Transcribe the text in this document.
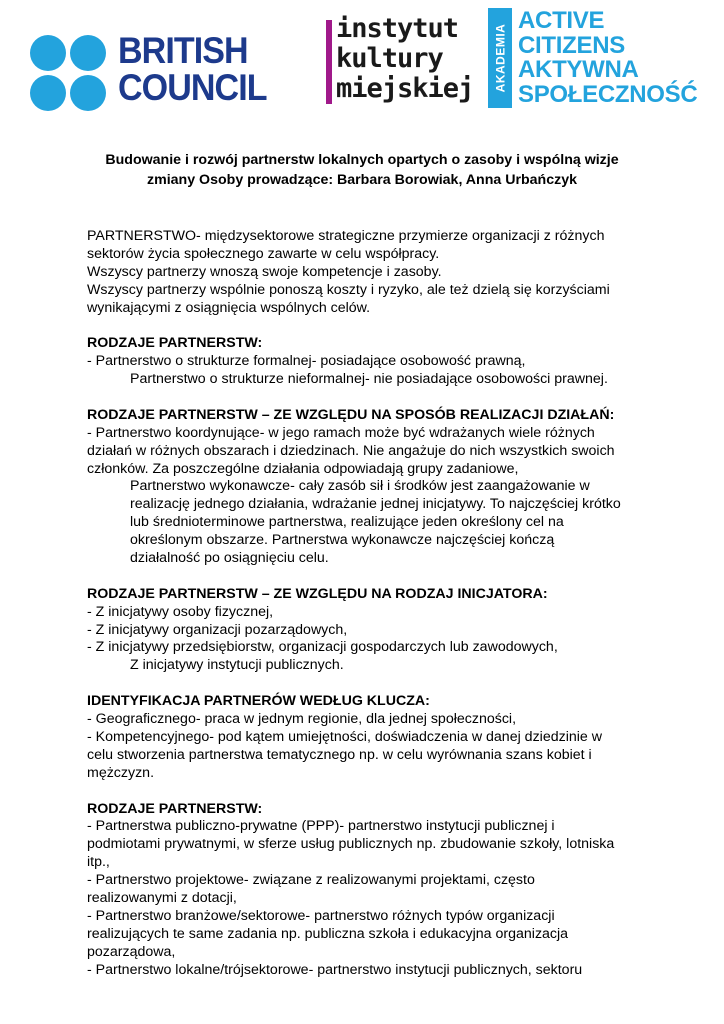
BRITISH
COUNCIL
instytut
kultury
miejskiej AKADEMIA
ACTIVE
CITIZENS
AKTYWNA
SPOŁECZNOŚĆ
Budowanie i rozwój partnerstw lokalnych opartych o zasoby i wspólną wizje
zmiany Osoby prowadzące: Barbara Borowiak, Anna Urbańczyk
PARTNERSTWO- międzysektorowe strategiczne przymierze organizacji z różnych
sektorów życia społecznego zawarte w celu współpracy.
Wszyscy partnerzy wnoszą swoje kompetencje i zasoby.
Wszyscy partnerzy wspólnie ponoszą koszty i ryzyko, ale też dzielą się korzyściami
wynikającymi z osiągnięcia wspólnych celów.
RODZAJE PARTNERSTW:
- Partnerstwo o strukturze formalnej- posiadające osobowość prawną,
Partnerstwo o strukturze nieformalnej- nie posiadające osobowości prawnej.
RODZAJE PARTNERSTW – ZE WZGLĘDU NA SPOSÓB REALIZACJI DZIAŁAŃ:
- Partnerstwo koordynujące- w jego ramach może być wdrażanych wiele różnych
działań w różnych obszarach i dziedzinach. Nie angażuje do nich wszystkich swoich
członków. Za poszczególne działania odpowiadają grupy zadaniowe,
Partnerstwo wykonawcze- cały zasób sił i środków jest zaangażowanie w
realizację jednego działania, wdrażanie jednej inicjatywy. To najczęściej krótko
lub średnioterminowe partnerstwa, realizujące jeden określony cel na
określonym obszarze. Partnerstwa wykonawcze najczęściej kończą
działalność po osiągnięciu celu.
RODZAJE PARTNERSTW – ZE WZGLĘDU NA RODZAJ INICJATORA:
- Z inicjatywy osoby fizycznej,
- Z inicjatywy organizacji pozarządowych,
- Z inicjatywy przedsiębiorstw, organizacji gospodarczych lub zawodowych,
Z inicjatywy instytucji publicznych.
IDENTYFIKACJA PARTNERÓW WEDŁUG KLUCZA:
- Geograficznego- praca w jednym regionie, dla jednej społeczności,
- Kompetencyjnego- pod kątem umiejętności, doświadczenia w danej dziedzinie w
celu stworzenia partnerstwa tematycznego np. w celu wyrównania szans kobiet i
mężczyzn.
RODZAJE PARTNERSTW:
- Partnerstwa publiczno-prywatne (PPP)- partnerstwo instytucji publicznej i
podmiotami prywatnymi, w sferze usług publicznych np. zbudowanie szkoły, lotniska
itp.,
- Partnerstwo projektowe- związane z realizowanymi projektami, często
realizowanymi z dotacji,
- Partnerstwo branżowe/sektorowe- partnerstwo różnych typów organizacji
realizujących te same zadania np. publiczna szkoła i edukacyjna organizacja
pozarządowa,
- Partnerstwo lokalne/trójsektorowe- partnerstwo instytucji publicznych, sektoru
